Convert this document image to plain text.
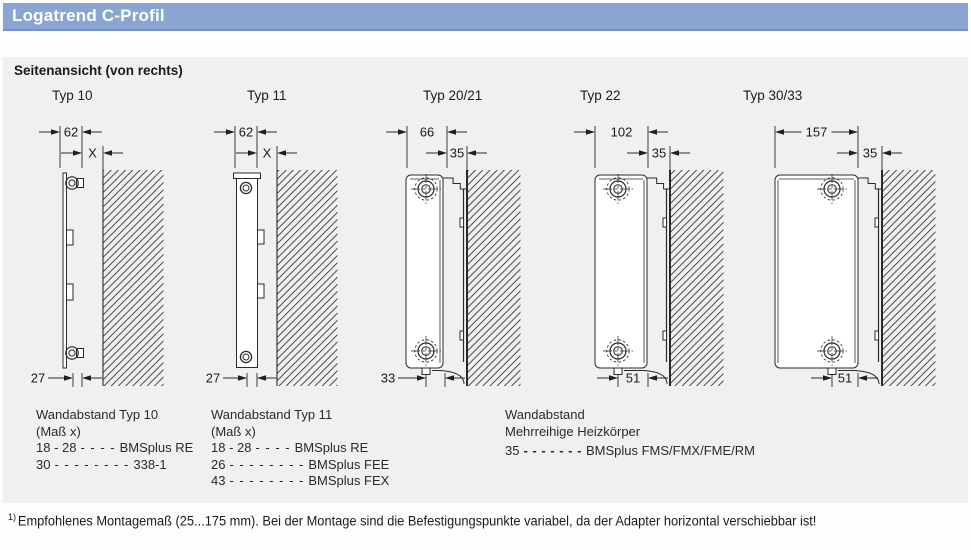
Logatrend C-Profil
Seitenansicht (von rechts)
Typ 10	Typ 11	Typ 20/21	Typ 22	Typ 30/33
62
X
27
62
X
27
66
35
33
102
35
51
157
35
51
Wandabstand Typ 10
(Maß x)
18 - 28 - - - - BMSplus RE
30 - - - - - - - - 338-1
Wandabstand Typ 11
(Maß x)
18 - 28 - - - - BMSplus RE
26 - - - - - - - - BMSplus FEE
43 - - - - - - - - BMSplus FEX
Wandabstand
Mehrreihige Heizkörper
35 - - - - - - - BMSplus FMS/FMX/FME/RM
$^{1)}$ Empfohlenes Montagemaß (25...175 mm). Bei der Montage sind die Befestigungspunkte variabel, da der Adapter horizontal verschiebbar ist!
